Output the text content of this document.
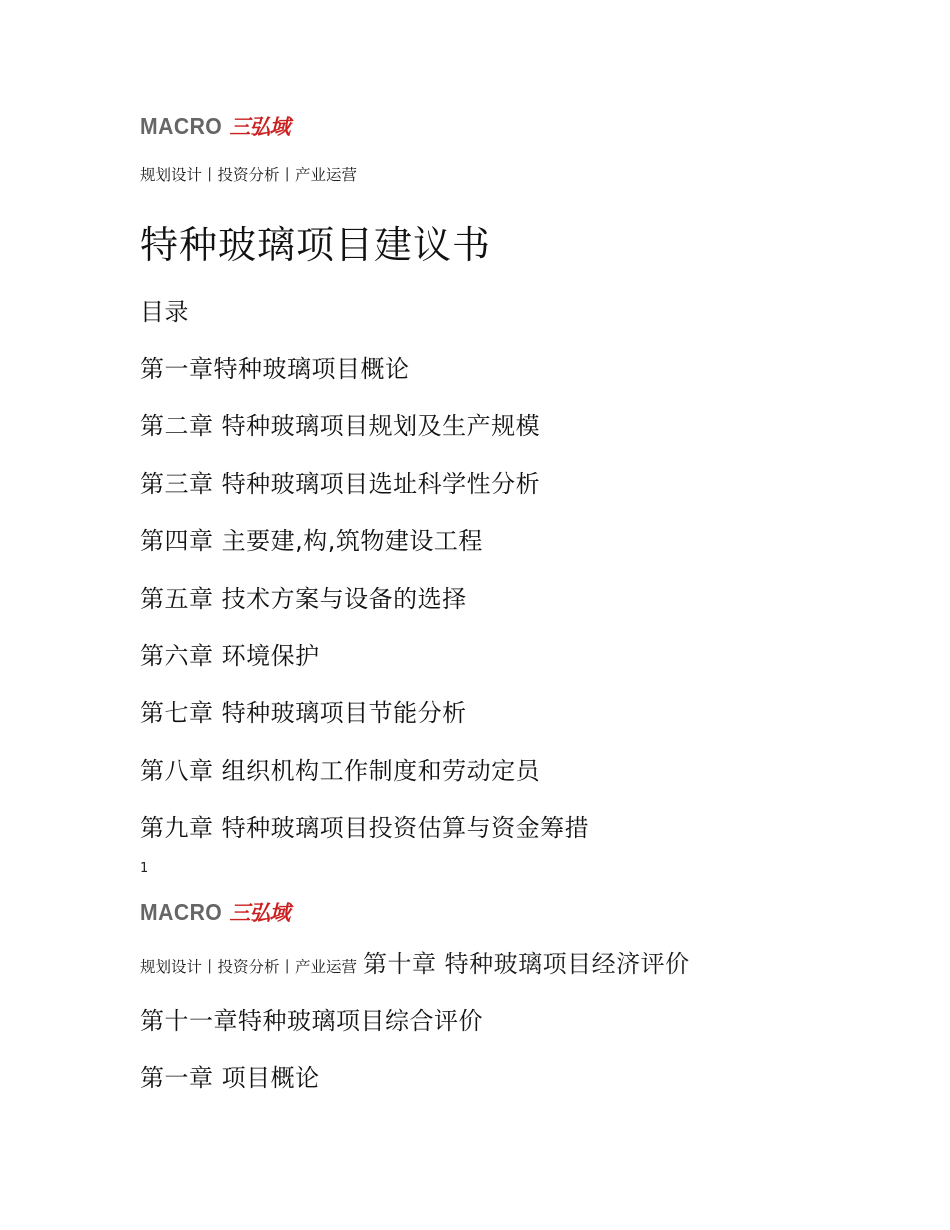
MACRO 三弘域
规划设计丨投资分析丨产业运营
特种玻璃项目建议书
目录
第一章特种玻璃项目概论
第二章 特种玻璃项目规划及生产规模
第三章 特种玻璃项目选址科学性分析
第四章 主要建,构,筑物建设工程
第五章 技术方案与设备的选择
第六章 环境保护
第七章 特种玻璃项目节能分析
第八章 组织机构工作制度和劳动定员
第九章 特种玻璃项目投资估算与资金筹措
1
MACRO 三弘域
规划设计丨投资分析丨产业运营 第十章 特种玻璃项目经济评价
第十一章特种玻璃项目综合评价
第一章 项目概论
